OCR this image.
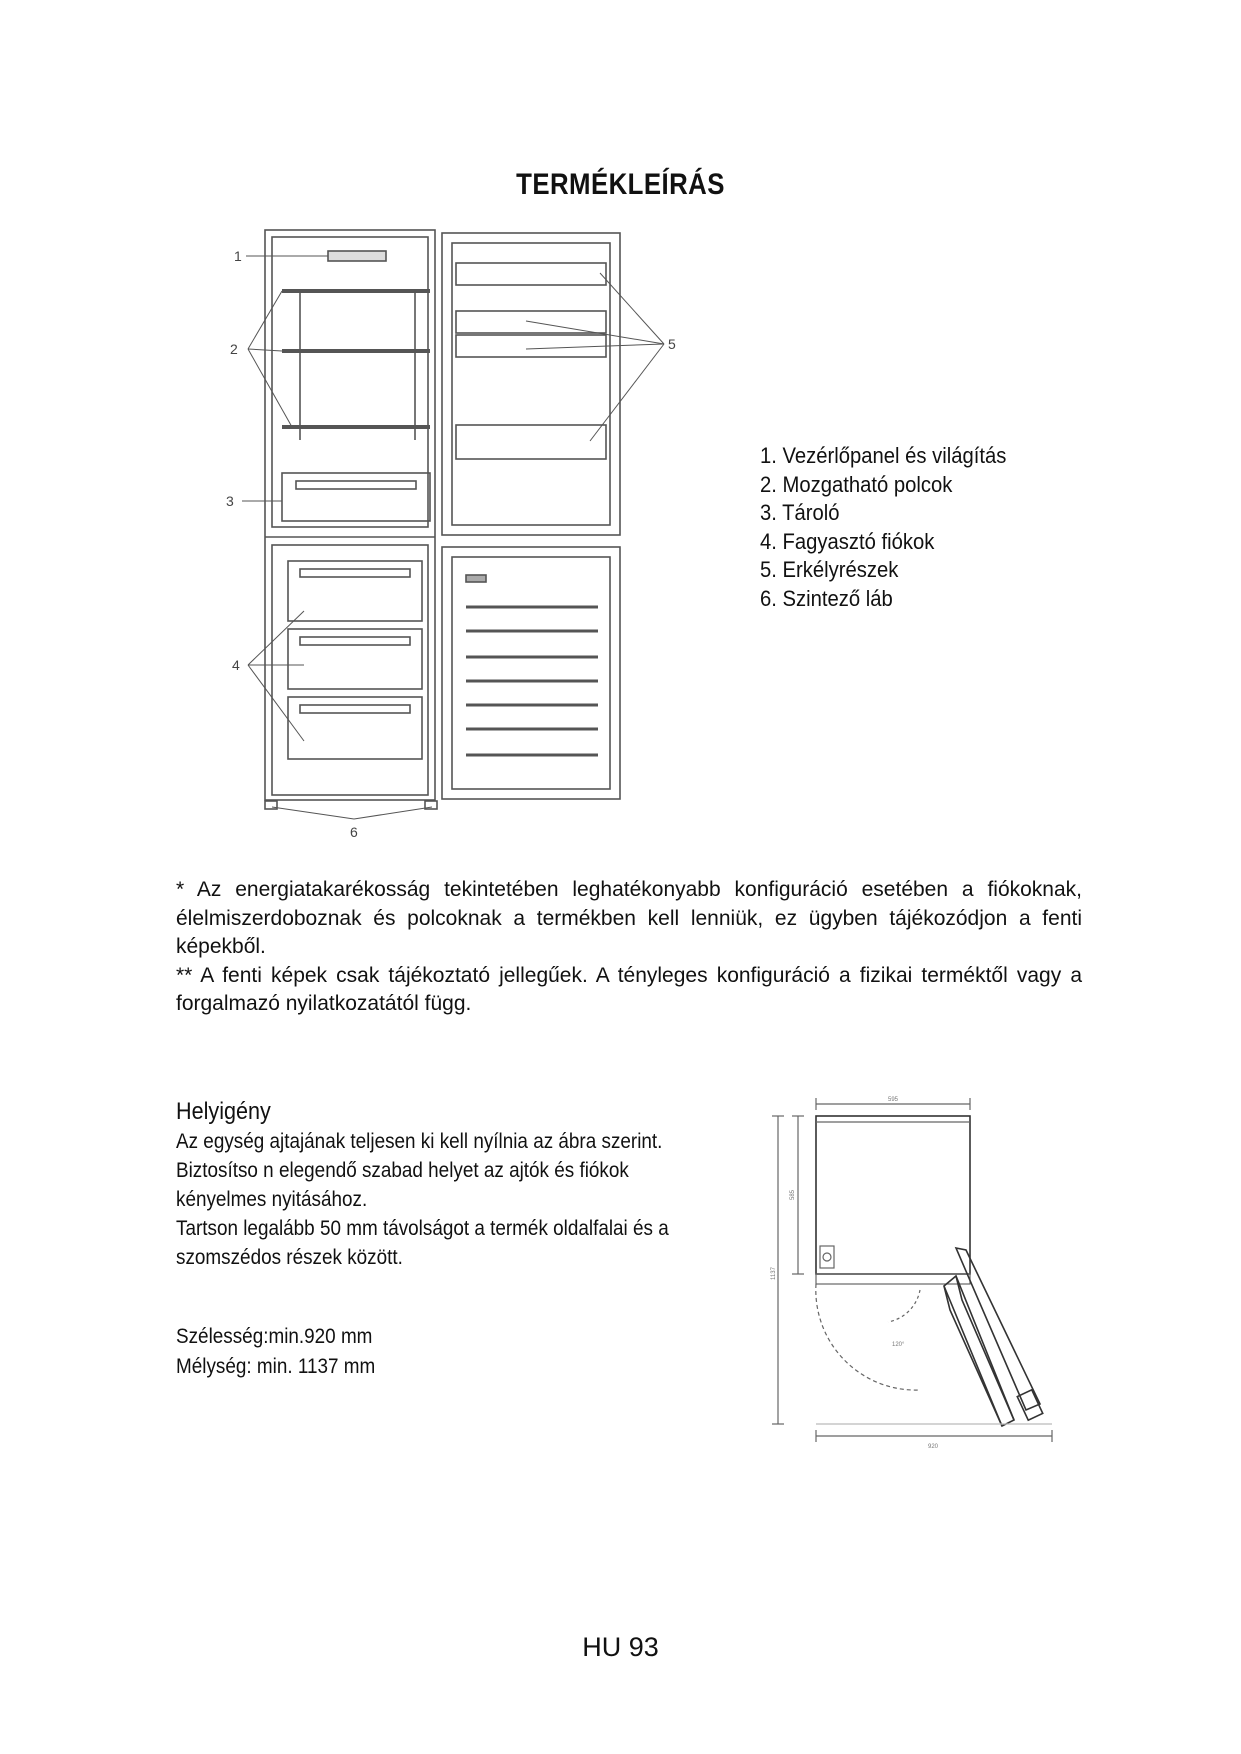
TERMÉKLEÍRÁS
1
2
3
4
5
6
1. Vezérlőpanel és világítás
2. Mozgatható polcok
3. Tároló
4. Fagyasztó fiókok
5. Erkélyrészek
6. Szintező láb

* Az energiatakarékosság tekintetében leghatékonyabb konfiguráció esetében a fiókoknak, élelmiszerdoboznak és polcoknak a termékben kell lenniük, ez ügyben tájékozódjon a fenti képekből.

** A fenti képek csak tájékoztató jellegűek. A tényleges konfiguráció a fizikai terméktől vagy a forgalmazó nyilatkozatától függ.

Helyigény
Az egység ajtajának teljesen ki kell nyílnia az ábra szerint.
Biztosítso n elegendő szabad helyet az ajtók és fiókok
kényelmes nyitásához.
Tartson legalább 50 mm távolságot a termék oldalfalai és a
szomszédos részek között.
Szélesség:min.920 mm
Mélység: min. 1137 mm
595
585
1137
120°
920
HU 93
